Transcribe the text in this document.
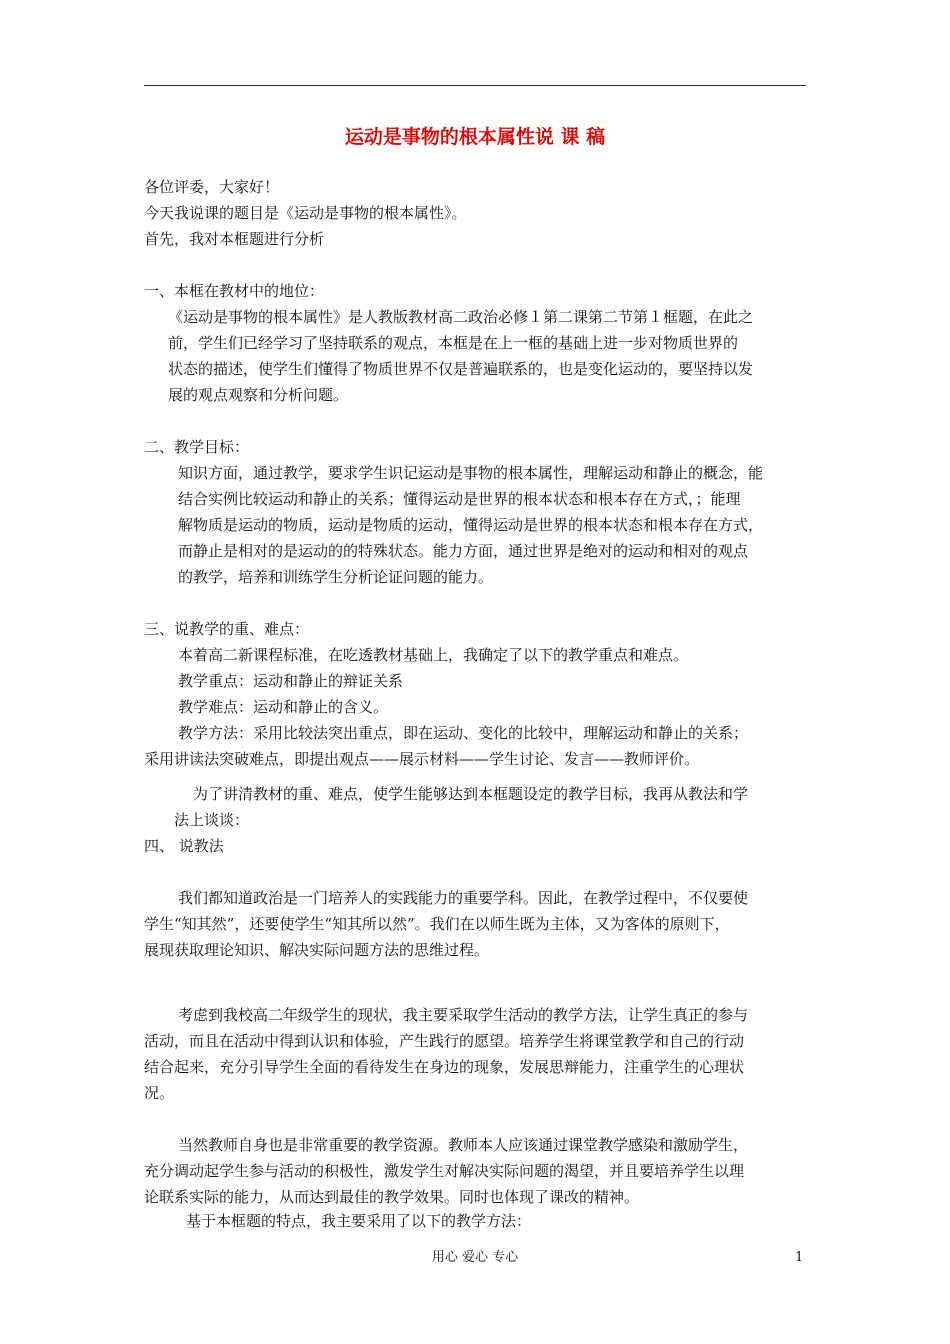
运动是事物的根本属性说 课 稿
各位评委，大家好！
今天我说课的题目是《运动是事物的根本属性》。
首先，我对本框题进行分析
一、本框在教材中的地位：
《运动是事物的根本属性》是人教版教材高二政治必修１第二课第二节第１框题，在此之
前，学生们已经学习了坚持联系的观点，本框是在上一框的基础上进一步对物质世界的
状态的描述，使学生们懂得了物质世界不仅是普遍联系的，也是变化运动的，要坚持以发
展的观点观察和分析问题。
二、教学目标：
知识方面，通过教学，要求学生识记运动是事物的根本属性，理解运动和静止的概念，能
结合实例比较运动和静止的关系；懂得运动是世界的根本状态和根本存在方式，；能理
解物质是运动的物质，运动是物质的运动，懂得运动是世界的根本状态和根本存在方式，
而静止是相对的是运动的的特殊状态。能力方面，通过世界是绝对的运动和相对的观点
的教学，培养和训练学生分析论证问题的能力。
三、说教学的重、难点：
本着高二新课程标准，在吃透教材基础上，我确定了以下的教学重点和难点。
教学重点：运动和静止的辩证关系
教学难点：运动和静止的含义。
教学方法：采用比较法突出重点，即在运动、变化的比较中，理解运动和静止的关系；
采用讲读法突破难点，即提出观点——展示材料——学生讨论、发言——教师评价。
为了讲清教材的重、难点，使学生能够达到本框题设定的教学目标，我再从教法和学
法上谈谈：
四、 说教法
我们都知道政治是一门培养人的实践能力的重要学科。因此，在教学过程中，不仅要使
学生“知其然”，还要使学生“知其所以然”。我们在以师生既为主体，又为客体的原则下，
展现获取理论知识、解决实际问题方法的思维过程。
考虑到我校高二年级学生的现状，我主要采取学生活动的教学方法，让学生真正的参与
活动，而且在活动中得到认识和体验，产生践行的愿望。培养学生将课堂教学和自己的行动
结合起来，充分引导学生全面的看待发生在身边的现象，发展思辩能力，注重学生的心理状
况。
当然教师自身也是非常重要的教学资源。教师本人应该通过课堂教学感染和激励学生，
充分调动起学生参与活动的积极性，激发学生对解决实际问题的渴望，并且要培养学生以理
论联系实际的能力，从而达到最佳的教学效果。同时也体现了课改的精神。
基于本框题的特点，我主要采用了以下的教学方法：
用心 爱心 专心	1
